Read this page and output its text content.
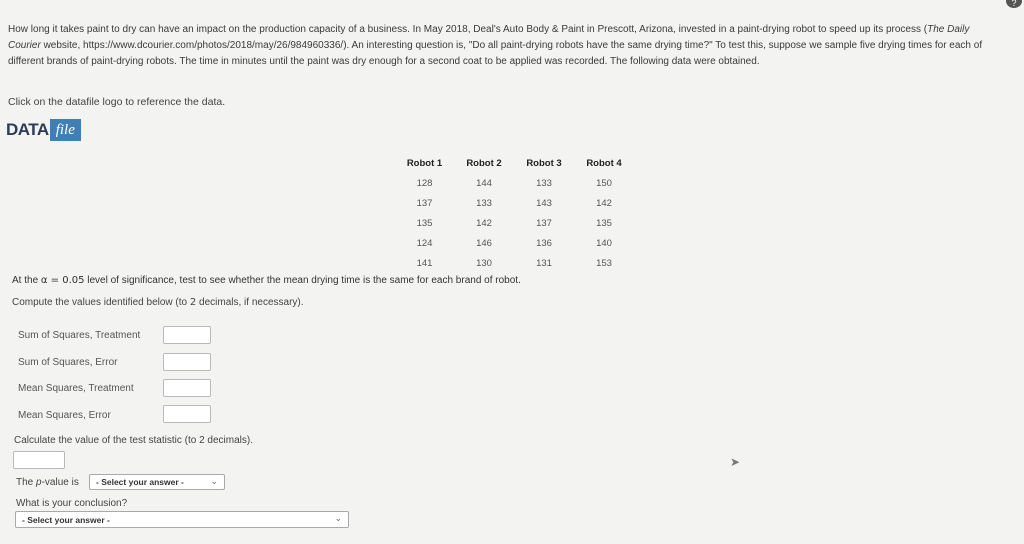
?
How long it takes paint to dry can have an impact on the production capacity of a business. In May 2018, Deal's Auto Body & Paint in Prescott, Arizona, invested in a paint-drying robot to speed up its process (The Daily Courier website, https://www.dcourier.com/photos/2018/may/26/984960336/). An interesting question is, "Do all paint-drying robots have the same drying time?" To test this, suppose we sample five drying times for each of different brands of paint-drying robots. The time in minutes until the paint was dry enough for a second coat to be applied was recorded. The following data were obtained.
Click on the datafile logo to reference the data.
DATA file
Robot 1	Robot 2	Robot 3	Robot 4
128	144	133	150
137	133	143	142
135	142	137	135
124	146	136	140
141	130	131	153
At the α = 0.05 level of significance, test to see whether the mean drying time is the same for each brand of robot.
Compute the values identified below (to 2 decimals, if necessary).
Sum of Squares, Treatment
Sum of Squares, Error
Mean Squares, Treatment
Mean Squares, Error
Calculate the value of the test statistic (to 2 decimals).
The p-value is - Select your answer -	⌄
What is your conclusion?
- Select your answer -	⌄
➤
